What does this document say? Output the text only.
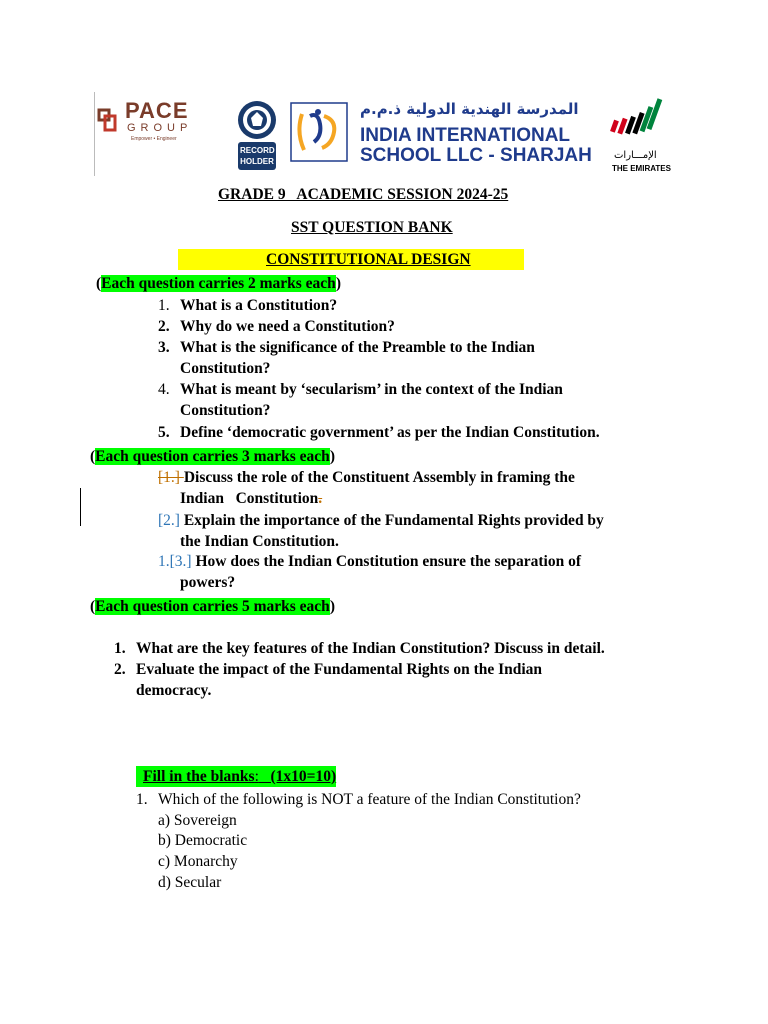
PACE
GROUP
Empower • Engineer
RECORD HOLDER
المدرسة الهندية الدولية ذ.م.م
INDIA INTERNATIONAL
SCHOOL LLC - SHARJAH الإمـــارات
THE EMIRATES
GRADE 9   ACADEMIC SESSION 2024-25
SST QUESTION BANK
CONSTITUTIONAL DESIGN
(Each question carries 2 marks each)
1. What is a Constitution?
2. Why do we need a Constitution?
3. What is the significance of the Preamble to the Indian
Constitution?
4. What is meant by ‘secularism’ in the context of the Indian
Constitution?
5. Define ‘democratic government’ as per the Indian Constitution.
(Each question carries 3 marks each)
[1.] Discuss the role of the Constituent Assembly in framing the
Indian   Constitution.
[2.] Explain the importance of the Fundamental Rights provided by
the Indian Constitution.
1.[3.] How does the Indian Constitution ensure the separation of
powers?
(Each question carries 5 marks each)
1. What are the key features of the Indian Constitution? Discuss in detail.
2. Evaluate the impact of the Fundamental Rights on the Indian
democracy.
Fill in the blanks: (1x10=10)
1. Which of the following is NOT a feature of the Indian Constitution?
a) Sovereign
b) Democratic
c) Monarchy
d) Secular
